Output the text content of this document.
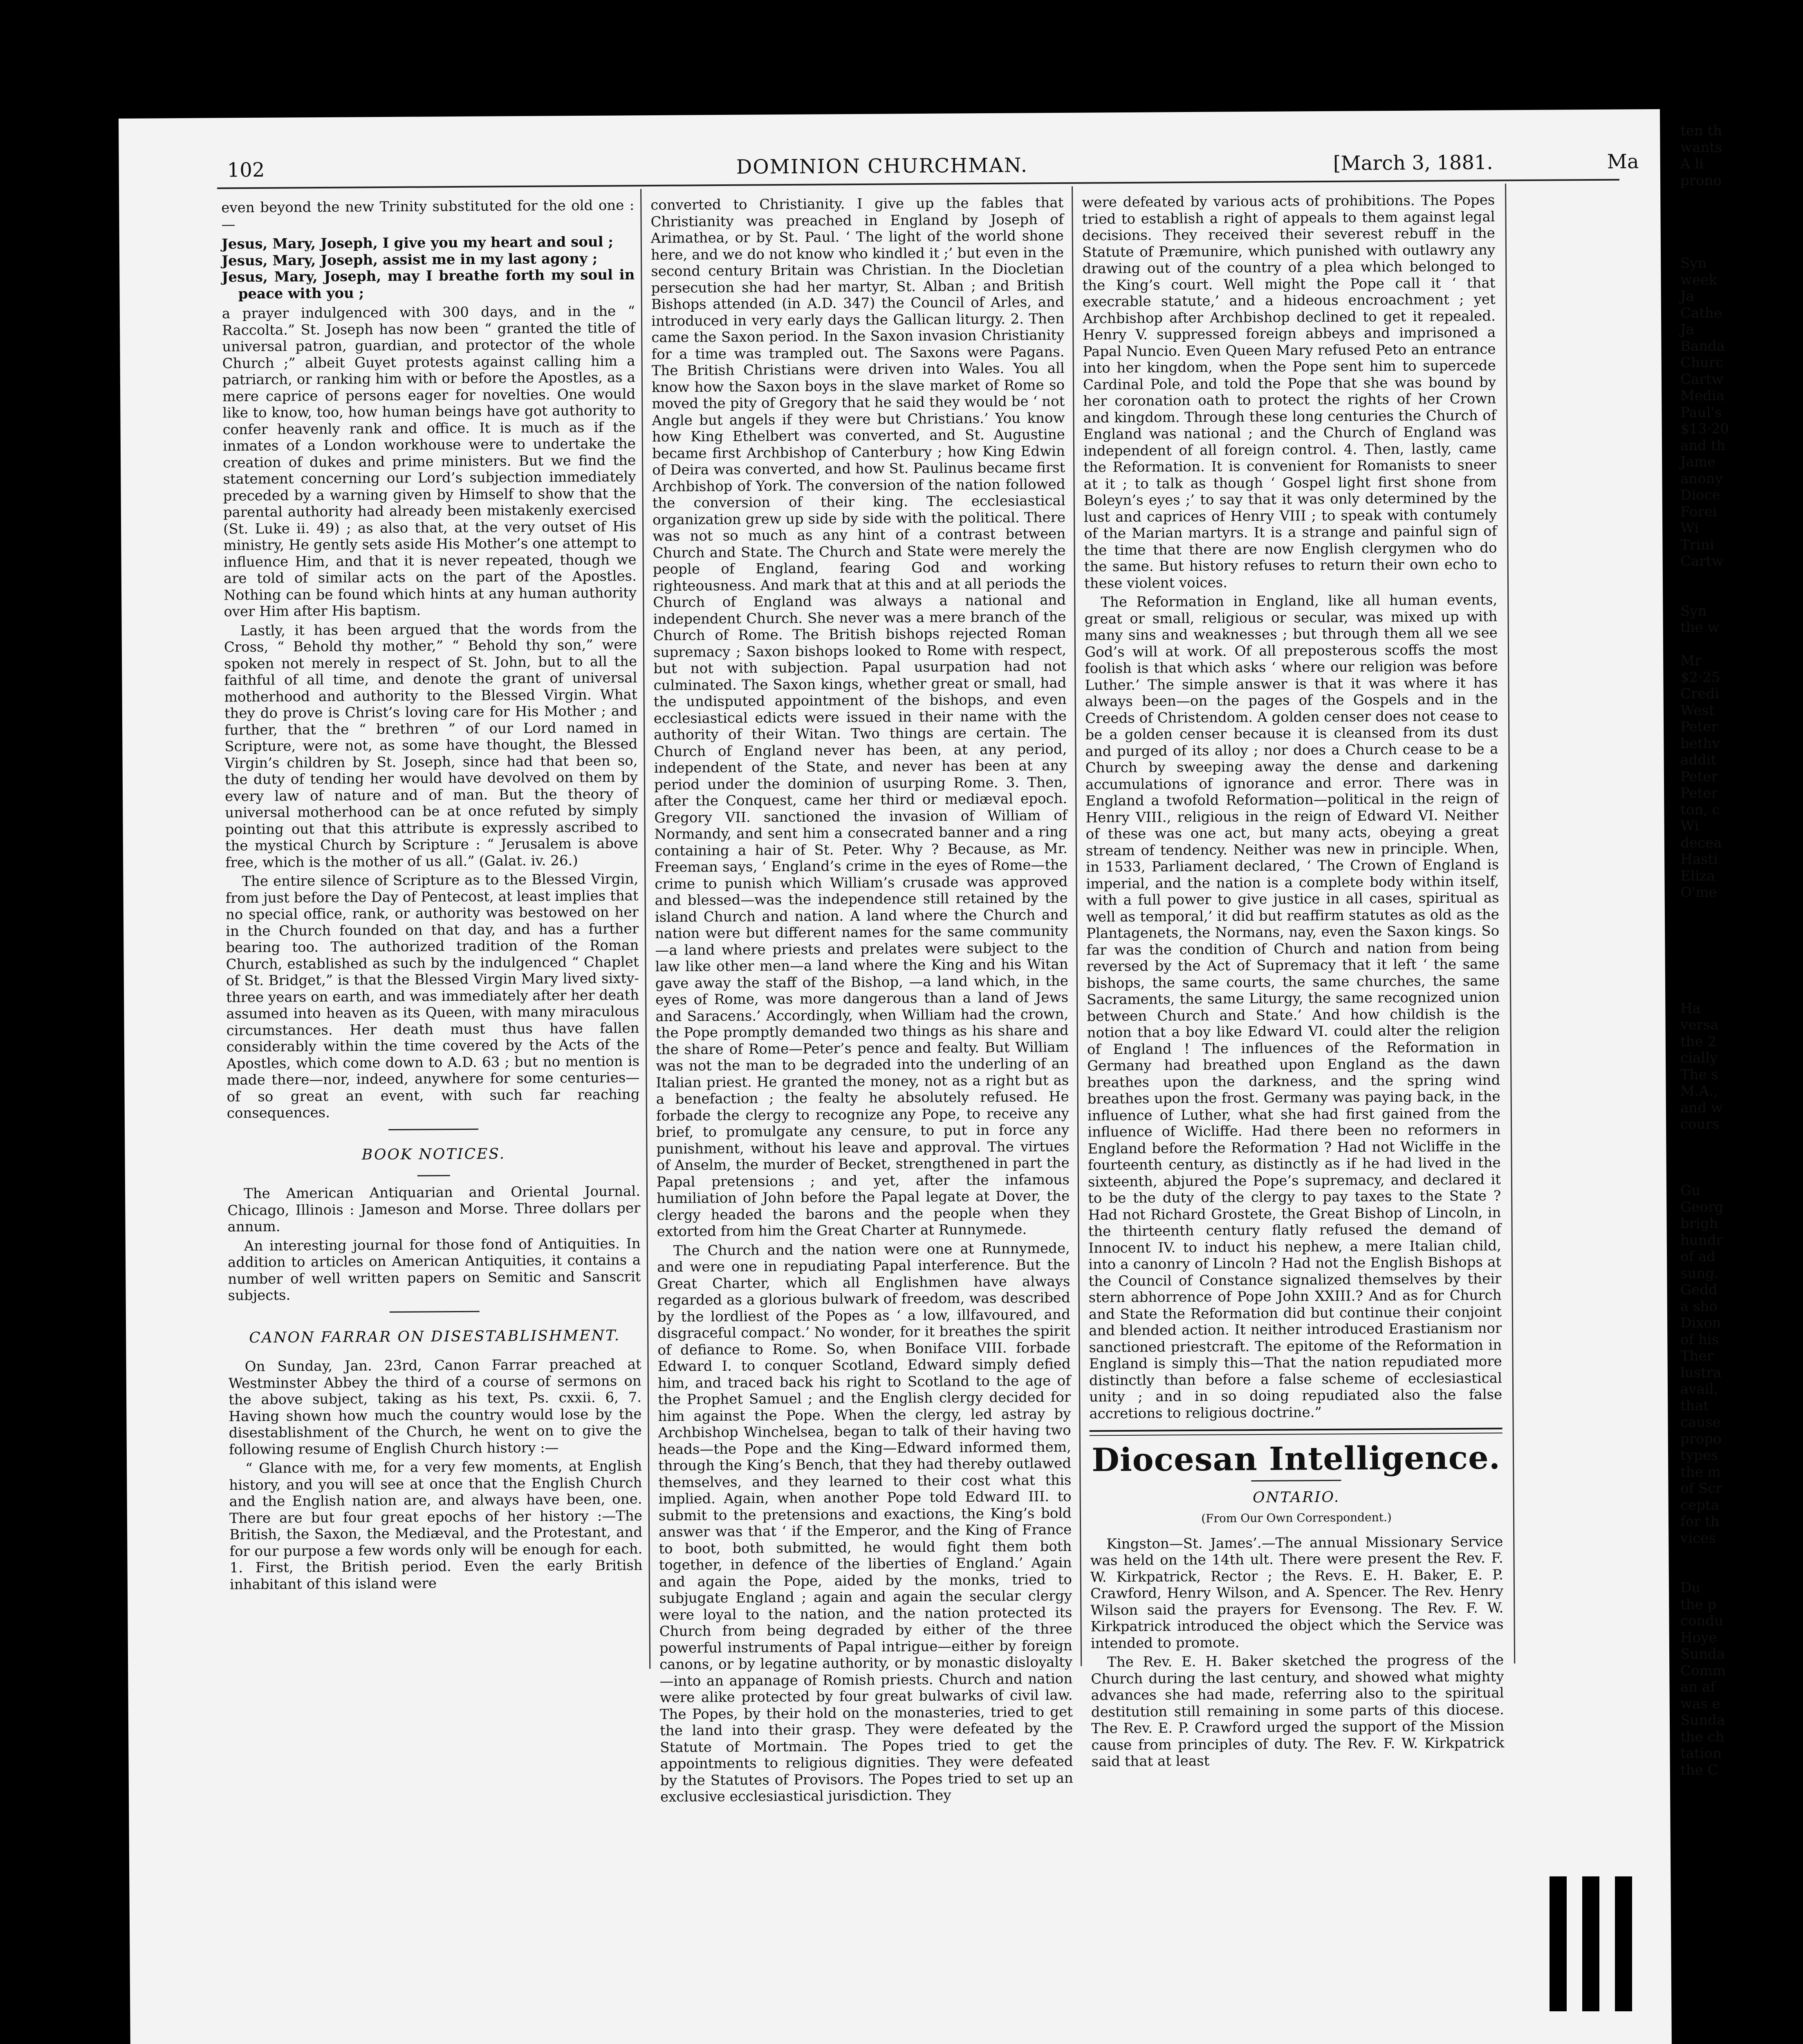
102	DOMINION CHURCHMAN.	[March 3, 1881.	Ma

even beyond the new Trinity substituted for the old one :—

Jesus, Mary, Joseph, I give you my heart and soul ;
Jesus, Mary, Joseph, assist me in my last agony ;
Jesus, Mary, Joseph, may I breathe forth my soul in peace with you ;

a prayer indulgenced with 300 days, and in the “ Raccolta.” St. Joseph has now been “ granted the title of universal patron, guardian, and protector of the whole Church ;” albeit Guyet protests against calling him a patriarch, or ranking him with or before the Apostles, as a mere caprice of persons eager for novelties. One would like to know, too, how human beings have got authority to confer heavenly rank and office. It is much as if the inmates of a London workhouse were to undertake the creation of dukes and prime ministers. But we find the statement concerning our Lord’s subjection immediately preceded by a warning given by Himself to show that the parental authority had already been mistakenly exercised (St. Luke ii. 49) ; as also that, at the very outset of His ministry, He gently sets aside His Mother’s one attempt to influence Him, and that it is never repeated, though we are told of similar acts on the part of the Apostles. Nothing can be found which hints at any human authority over Him after His baptism.

Lastly, it has been argued that the words from the Cross, “ Behold thy mother,” “ Behold thy son,” were spoken not merely in respect of St. John, but to all the faithful of all time, and denote the grant of universal motherhood and authority to the Blessed Virgin. What they do prove is Christ’s loving care for His Mother ; and further, that the “ brethren ” of our Lord named in Scripture, were not, as some have thought, the Blessed Virgin’s children by St. Joseph, since had that been so, the duty of tending her would have devolved on them by every law of nature and of man. But the theory of universal motherhood can be at once refuted by simply pointing out that this attribute is expressly ascribed to the mystical Church by Scripture : “ Jerusalem is above free, which is the mother of us all.” (Galat. iv. 26.)

The entire silence of Scripture as to the Blessed Virgin, from just before the Day of Pentecost, at least implies that no special office, rank, or authority was bestowed on her in the Church founded on that day, and has a further bearing too. The authorized tradition of the Roman Church, established as such by the indulgenced “ Chaplet of St. Bridget,” is that the Blessed Virgin Mary lived sixty-three years on earth, and was immediately after her death assumed into heaven as its Queen, with many miraculous circumstances. Her death must thus have fallen considerably within the time covered by the Acts of the Apostles, which come down to A.D. 63 ; but no mention is made there—nor, indeed, anywhere for some centuries—of so great an event, with such far reaching consequences.

BOOK NOTICES.

The American Antiquarian and Oriental Journal. Chicago, Illinois : Jameson and Morse. Three dollars per annum.

An interesting journal for those fond of Antiquities. In addition to articles on American Antiquities, it contains a number of well written papers on Semitic and Sanscrit subjects.

CANON FARRAR ON DISESTABLISHMENT.

On Sunday, Jan. 23rd, Canon Farrar preached at Westminster Abbey the third of a course of sermons on the above subject, taking as his text, Ps. cxxii. 6, 7. Having shown how much the country would lose by the disestablishment of the Church, he went on to give the following resume of English Church history :—

“ Glance with me, for a very few moments, at English history, and you will see at once that the English Church and the English nation are, and always have been, one. There are but four great epochs of her history :—The British, the Saxon, the Mediæval, and the Protestant, and for our purpose a few words only will be enough for each. 1. First, the British period. Even the early British inhabitant of this island were

converted to Christianity. I give up the fables that Christianity was preached in England by Joseph of Arimathea, or by St. Paul. ‘ The light of the world shone here, and we do not know who kindled it ;’ but even in the second century Britain was Christian. In the Diocletian persecution she had her martyr, St. Alban ; and British Bishops attended (in A.D. 347) the Council of Arles, and introduced in very early days the Gallican liturgy. 2. Then came the Saxon period. In the Saxon invasion Christianity for a time was trampled out. The Saxons were Pagans. The British Christians were driven into Wales. You all know how the Saxon boys in the slave market of Rome so moved the pity of Gregory that he said they would be ‘ not Angle but angels if they were but Christians.’ You know how King Ethelbert was converted, and St. Augustine became first Archbishop of Canterbury ; how King Edwin of Deira was converted, and how St. Paulinus became first Archbishop of York. The conversion of the nation followed the conversion of their king. The ecclesiastical organization grew up side by side with the political. There was not so much as any hint of a contrast between Church and State. The Church and State were merely the people of England, fearing God and working righteousness. And mark that at this and at all periods the Church of England was always a national and independent Church. She never was a mere branch of the Church of Rome. The British bishops rejected Roman supremacy ; Saxon bishops looked to Rome with respect, but not with subjection. Papal usurpation had not culminated. The Saxon kings, whether great or small, had the undisputed appointment of the bishops, and even ecclesiastical edicts were issued in their name with the authority of their Witan. Two things are certain. The Church of England never has been, at any period, independent of the State, and never has been at any period under the dominion of usurping Rome. 3. Then, after the Conquest, came her third or mediæval epoch. Gregory VII. sanctioned the invasion of William of Normandy, and sent him a consecrated banner and a ring containing a hair of St. Peter. Why ? Because, as Mr. Freeman says, ‘ England’s crime in the eyes of Rome—the crime to punish which William’s crusade was approved and blessed—was the independence still retained by the island Church and nation. A land where the Church and nation were but different names for the same community—a land where priests and prelates were subject to the law like other men—a land where the King and his Witan gave away the staff of the Bishop, —a land which, in the eyes of Rome, was more dangerous than a land of Jews and Saracens.’ Accordingly, when William had the crown, the Pope promptly demanded two things as his share and the share of Rome—Peter’s pence and fealty. But William was not the man to be degraded into the underling of an Italian priest. He granted the money, not as a right but as a benefaction ; the fealty he absolutely refused. He forbade the clergy to recognize any Pope, to receive any brief, to promulgate any censure, to put in force any punishment, without his leave and approval. The virtues of Anselm, the murder of Becket, strengthened in part the Papal pretensions ; and yet, after the infamous humiliation of John before the Papal legate at Dover, the clergy headed the barons and the people when they extorted from him the Great Charter at Runnymede.

The Church and the nation were one at Runnymede, and were one in repudiating Papal interference. But the Great Charter, which all Englishmen have always regarded as a glorious bulwark of freedom, was described by the lordliest of the Popes as ‘ a low, illfavoured, and disgraceful compact.’ No wonder, for it breathes the spirit of defiance to Rome. So, when Boniface VIII. forbade Edward I. to conquer Scotland, Edward simply defied him, and traced back his right to Scotland to the age of the Prophet Samuel ; and the English clergy decided for him against the Pope. When the clergy, led astray by Archbishop Winchelsea, began to talk of their having two heads—the Pope and the King—Edward informed them, through the King’s Bench, that they had thereby outlawed themselves, and they learned to their cost what this implied. Again, when another Pope told Edward III. to submit to the pretensions and exactions, the King’s bold answer was that ‘ if the Emperor, and the King of France to boot, both submitted, he would fight them both together, in defence of the liberties of England.’ Again and again the Pope, aided by the monks, tried to subjugate England ; again and again the secular clergy were loyal to the nation, and the nation protected its Church from being degraded by either of the three powerful instruments of Papal intrigue—either by foreign canons, or by legatine authority, or by monastic disloyalty—into an appanage of Romish priests. Church and nation were alike protected by four great bulwarks of civil law. The Popes, by their hold on the monasteries, tried to get the land into their grasp. They were defeated by the Statute of Mortmain. The Popes tried to get the appointments to religious dignities. They were defeated by the Statutes of Provisors. The Popes tried to set up an exclusive ecclesiastical jurisdiction. They

were defeated by various acts of prohibitions. The Popes tried to establish a right of appeals to them against legal decisions. They received their severest rebuff in the Statute of Præmunire, which punished with outlawry any drawing out of the country of a plea which belonged to the King’s court. Well might the Pope call it ‘ that execrable statute,’ and a hideous encroachment ; yet Archbishop after Archbishop declined to get it repealed. Henry V. suppressed foreign abbeys and imprisoned a Papal Nuncio. Even Queen Mary refused Peto an entrance into her kingdom, when the Pope sent him to supercede Cardinal Pole, and told the Pope that she was bound by her coronation oath to protect the rights of her Crown and kingdom. Through these long centuries the Church of England was national ; and the Church of England was independent of all foreign control. 4. Then, lastly, came the Reformation. It is convenient for Romanists to sneer at it ; to talk as though ‘ Gospel light first shone from Boleyn’s eyes ;’ to say that it was only determined by the lust and caprices of Henry VIII ; to speak with contumely of the Marian martyrs. It is a strange and painful sign of the time that there are now English clergymen who do the same. But history refuses to return their own echo to these violent voices.

The Reformation in England, like all human events, great or small, religious or secular, was mixed up with many sins and weaknesses ; but through them all we see God’s will at work. Of all preposterous scoffs the most foolish is that which asks ‘ where our religion was before Luther.’ The simple answer is that it was where it has always been—on the pages of the Gospels and in the Creeds of Christendom. A golden censer does not cease to be a golden censer because it is cleansed from its dust and purged of its alloy ; nor does a Church cease to be a Church by sweeping away the dense and darkening accumulations of ignorance and error. There was in England a twofold Reformation—political in the reign of Henry VIII., religious in the reign of Edward VI. Neither of these was one act, but many acts, obeying a great stream of tendency. Neither was new in principle. When, in 1533, Parliament declared, ‘ The Crown of England is imperial, and the nation is a complete body within itself, with a full power to give justice in all cases, spiritual as well as temporal,’ it did but reaffirm statutes as old as the Plantagenets, the Normans, nay, even the Saxon kings. So far was the condition of Church and nation from being reversed by the Act of Supremacy that it left ‘ the same bishops, the same courts, the same churches, the same Sacraments, the same Liturgy, the same recognized union between Church and State.’ And how childish is the notion that a boy like Edward VI. could alter the religion of England ! The influences of the Reformation in Germany had breathed upon England as the dawn breathes upon the darkness, and the spring wind breathes upon the frost. Germany was paying back, in the influence of Luther, what she had first gained from the influence of Wicliffe. Had there been no reformers in England before the Reformation ? Had not Wicliffe in the fourteenth century, as distinctly as if he had lived in the sixteenth, abjured the Pope’s supremacy, and declared it to be the duty of the clergy to pay taxes to the State ? Had not Richard Grostete, the Great Bishop of Lincoln, in the thirteenth century flatly refused the demand of Innocent IV. to induct his nephew, a mere Italian child, into a canonry of Lincoln ? Had not the English Bishops at the Council of Constance signalized themselves by their stern abhorrence of Pope John XXIII.? And as for Church and State the Reformation did but continue their conjoint and blended action. It neither introduced Erastianism nor sanctioned priestcraft. The epitome of the Reformation in England is simply this—That the nation repudiated more distinctly than before a false scheme of ecclesiastical unity ; and in so doing repudiated also the false accretions to religious doctrine.”

Diocesan Intelligence.
ONTARIO.
(From Our Own Correspondent.)

Kingston—St. James’.—The annual Missionary Service was held on the 14th ult. There were present the Rev. F. W. Kirkpatrick, Rector ; the Revs. E. H. Baker, E. P. Crawford, Henry Wilson, and A. Spencer. The Rev. Henry Wilson said the prayers for Evensong. The Rev. F. W. Kirkpatrick introduced the object which the Service was intended to promote.

The Rev. E. H. Baker sketched the progress of the Church during the last century, and showed what mighty advances she had made, referring also to the spiritual destitution still remaining in some parts of this diocese. The Rev. E. P. Crawford urged the support of the Mission cause from principles of duty. The Rev. F. W. Kirkpatrick said that at least

ten th
wants
A li
prono
Syn
week
Ja
Cathe
Ja
Banda
Churc
Cartw
Media
Paul's
$13·20
and th
Jame
anony
Dioce
Forei
Wi
Trini
Cartw
Syn
the w
Mr
$2·25
Credi
West
Peter
bethv
addit
Peter
Peter
ton, c
Wi
decea
Hasti
Eliza
O'me
Ha
versa
the 2
cially
The s
M.A.,
and w
cours
Gu
Georg
brigh
hundr
of ad
sung.
Gedd
a sho
Dixon
of his
Ther
lustra
avail,
that
cause
propo
types
the m
of Scr
cepta
for th
vices
Du
the p
condu
Hoye
Sunda
Comm
an af
was e
Sunda
the ch
tation
the C
